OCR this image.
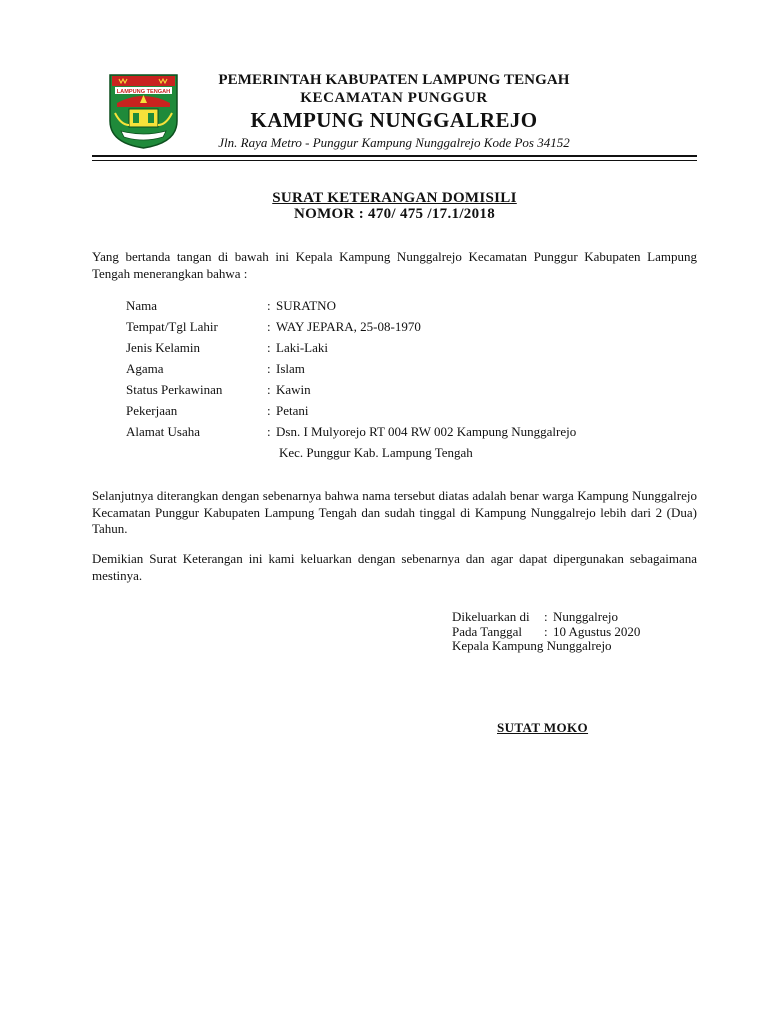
LAMPUNG TENGAH
PEMERINTAH KABUPATEN LAMPUNG TENGAH
KECAMATAN PUNGGUR
KAMPUNG NUNGGALREJO
Jln. Raya Metro - Punggur Kampung Nunggalrejo Kode Pos 34152
SURAT KETERANGAN DOMISILI
NOMOR : 470/ 475 /17.1/2018
Yang bertanda tangan di bawah ini Kepala Kampung Nunggalrejo Kecamatan Punggur Kabupaten Lampung Tengah menerangkan bahwa :
Nama	: SURATNO
Tempat/Tgl Lahir	: WAY JEPARA, 25-08-1970
Jenis Kelamin	: Laki-Laki
Agama	: Islam
Status Perkawinan	: Kawin
Pekerjaan	: Petani
Alamat Usaha	: Dsn. I Mulyorejo RT 004 RW 002 Kampung Nunggalrejo
Kec. Punggur Kab. Lampung Tengah
Selanjutnya diterangkan dengan sebenarnya bahwa nama tersebut diatas adalah benar warga Kampung Nunggalrejo Kecamatan Punggur Kabupaten Lampung Tengah dan sudah tinggal di Kampung Nunggalrejo lebih dari 2 (Dua) Tahun.
Demikian Surat Keterangan ini kami keluarkan dengan sebenarnya dan agar dapat dipergunakan sebagaimana mestinya.
Dikeluarkan di : Nunggalrejo
Pada Tanggal : 10 Agustus 2020
Kepala Kampung Nunggalrejo
SUTAT MOKO
